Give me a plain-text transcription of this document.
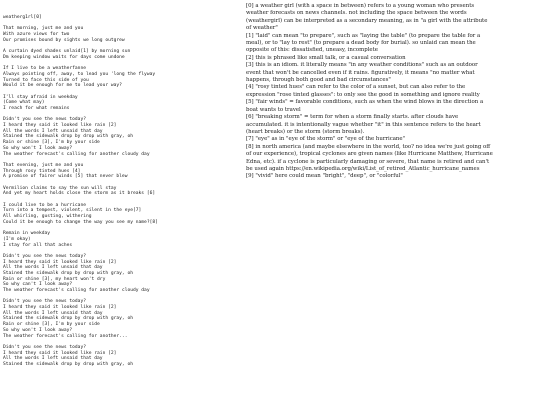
weatherg1rl[0]
That morning, just me and you
With azure views for two
Our promises bound by sights we long outgrew
A curtain dyed shades unlaid[1] by morning sun
Dm keeping window waits for days come undone
If I live to be a weatherfanne
Always pointing off, away, to lead you 'long the flyway
Turned to face this side of you
Would it be enough for me to lead your way?
I'll stay afraid in weekday
(Come what may)
I reach for what remains
Didn't you see the news today?
I heard they said it looked like rain [2]
All the words I left unsaid that day
Stained the sidewalk drop by drop with gray, oh
Rain or shine [3], I'm by your side
So why won't I look away?
The weather forecast's calling for another cloudy day
That evening, just me and you
Through rosy tinted hues [4]
A promise of fairer winds [5] that never blew
Vermilion claims to say the sun will stay
And yet my heart holds close the storm as it breaks [6]
I could live to be a hurricane
Turn into a tempest, violent, silent in the eye[7]
All whirling, gusting, withering
Could it be enough to change the way you see my name?[8]
Remain in weekday
(I'm okay)
I stay for all that aches
Didn't you see the news today?
I heard they said it looked like rain [2]
All the words I left unsaid that day
Stained the sidewalk drop by drop with gray, oh
Rain or shine [3], my heart won't dry
So why can't I look away?
The weather forecast's calling for another cloudy day
Didn't you see the news today?
I heard they said it looked like rain [2]
All the words I left unsaid that day
Stained the sidewalk drop by drop with gray, oh
Rain or shine [3], I'm by your side
So why won't I look away?
The weather forecast's calling for another...
Didn't you see the news today?
I heard they said it looked like rain [2]
All the words I left unsaid that day
Stained the sidewalk drop by drop with gray, oh
[0] a weather girl (with a space in between) refers to a young woman who presents weather forecasts on news channels. not including the space between the words (weathergirl) can be interpreted as a secondary meaning, as in "a girl with the attribute of weather"
[1] "laid" can mean "to prepare", such as "laying the table" (to prepare the table for a meal), or to "lay to rest" (to prepare a dead body for burial). so unlaid can mean the opposite of this: dissatisfied, uneasy, incomplete
[2] this is phrased like small talk, or a casual conversation
[3] this is an idiom. it literally means "in any weather conditions" such as an outdoor event that won't be cancelled even if it rains. figuratively, it means "no matter what happens, through both good and bad circumstances"
[4] "rosy tinted hues" can refer to the color of a sunset, but can also refer to the expression "rose tinted glasses": to only see the good in something and ignore reality
[5] "fair winds" = favorable conditions, such as when the wind blows in the direction a boat wants to travel
[6] "breaking storm" = term for when a storm finally starts. after clouds have accumulated. it is intentionally vague whether "it" in this sentence refers to the heart (heart breaks) or the storm (storm breaks).
[7] "eye" as in "eye of the storm" or "eye of the hurricane"
[8] in north america (and maybe elsewhere in the world, too? no idea we're just going off of our experience), tropical cyclones are given names (like Hurricane Matthew, Hurricane Edna, etc). if a cyclone is particularly damaging or severe, that name is retired and can't be used again https://en.wikipedia.org/wiki/List_of_retired_Atlantic_hurricane_names
[9] "vivid" here could mean "bright", "deep", or "colorful"
